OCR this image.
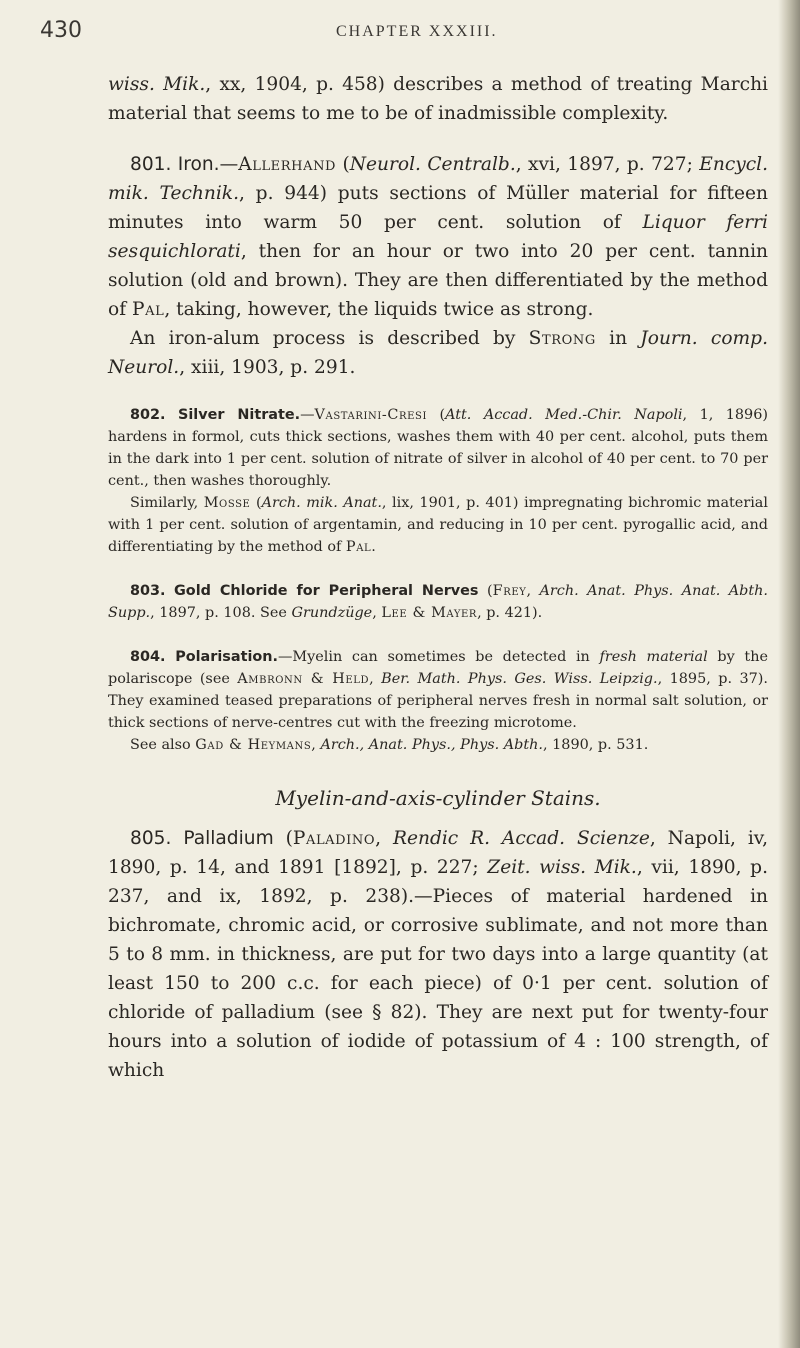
430	CHAPTER XXXIII.

wiss. Mik., xx, 1904, p. 458) describes a method of treating Marchi material that seems to me to be of inadmissible complexity.

801. Iron.—Allerhand (Neurol. Centralb., xvi, 1897, p. 727; Encycl. mik. Technik., p. 944) puts sections of Müller material for fifteen minutes into warm 50 per cent. solution of Liquor ferri sesquichlorati, then for an hour or two into 20 per cent. tannin solution (old and brown). They are then differentiated by the method of Pal, taking, however, the liquids twice as strong.

An iron-alum process is described by Strong in Journ. comp. Neurol., xiii, 1903, p. 291.

802. Silver Nitrate.—Vastarini-Cresi (Att. Accad. Med.-Chir. Napoli, 1, 1896) hardens in formol, cuts thick sections, washes them with 40 per cent. alcohol, puts them in the dark into 1 per cent. solution of nitrate of silver in alcohol of 40 per cent. to 70 per cent., then washes thoroughly.

Similarly, Mosse (Arch. mik. Anat., lix, 1901, p. 401) impregnating bichromic material with 1 per cent. solution of argentamin, and reducing in 10 per cent. pyrogallic acid, and differentiating by the method of Pal.

803. Gold Chloride for Peripheral Nerves (Frey, Arch. Anat. Phys. Anat. Abth. Supp., 1897, p. 108. See Grundzüge, Lee & Mayer, p. 421).

804. Polarisation.—Myelin can sometimes be detected in fresh material by the polariscope (see Ambronn & Held, Ber. Math. Phys. Ges. Wiss. Leipzig., 1895, p. 37). They examined teased preparations of peripheral nerves fresh in normal salt solution, or thick sections of nerve-centres cut with the freezing microtome.

See also Gad & Heymans, Arch., Anat. Phys., Phys. Abth., 1890, p. 531.

Myelin-and-axis-cylinder Stains.

805. Palladium (Paladino, Rendic R. Accad. Scienze, Napoli, iv, 1890, p. 14, and 1891 [1892], p. 227; Zeit. wiss. Mik., vii, 1890, p. 237, and ix, 1892, p. 238).—Pieces of material hardened in bichromate, chromic acid, or corrosive sublimate, and not more than 5 to 8 mm. in thickness, are put for two days into a large quantity (at least 150 to 200 c.c. for each piece) of 0·1 per cent. solution of chloride of palladium (see § 82). They are next put for twenty-four hours into a solution of iodide of potassium of 4 : 100 strength, of which
